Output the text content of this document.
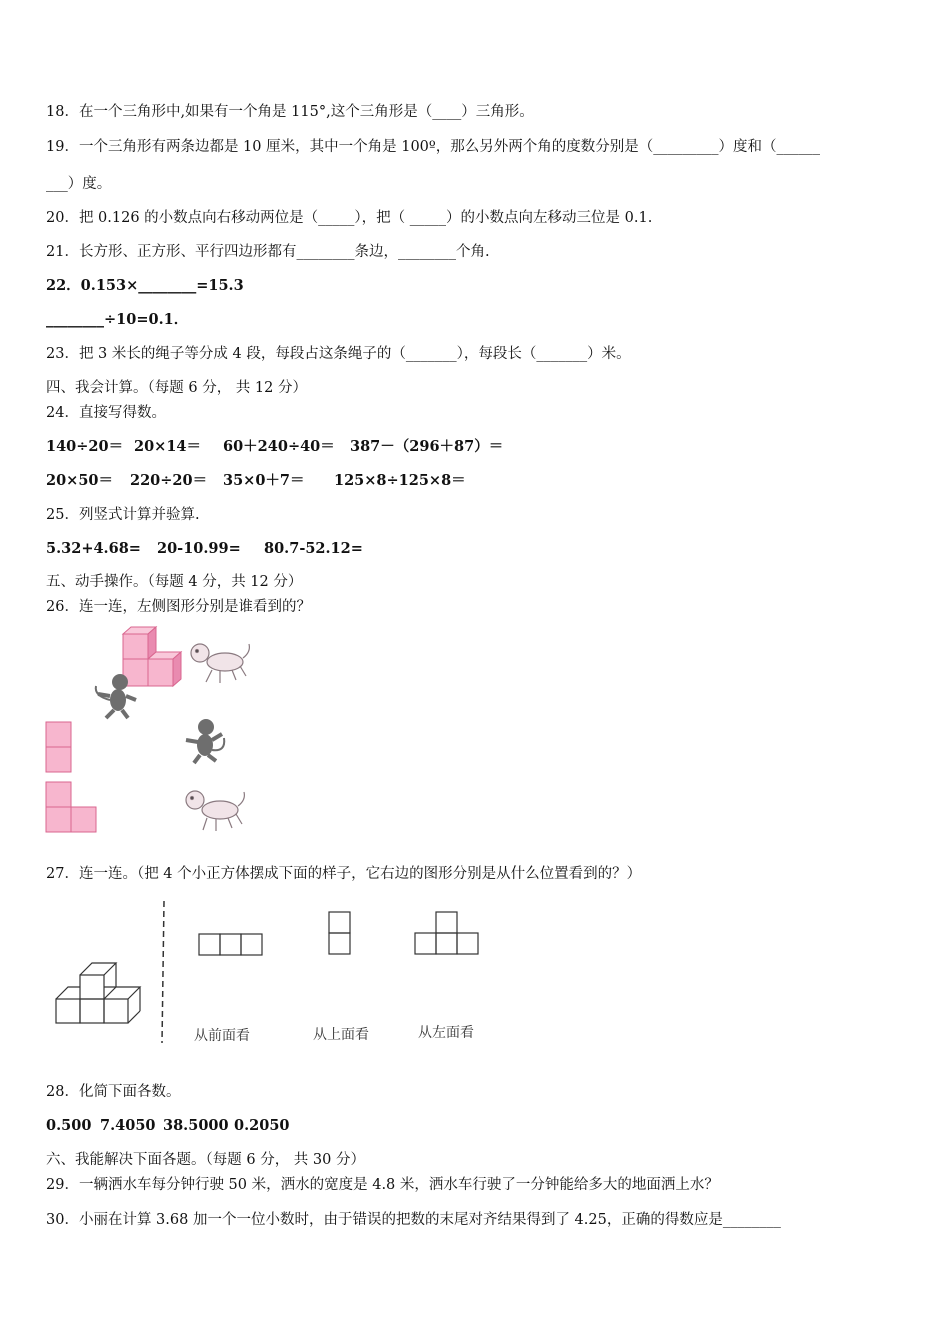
18．在一个三角形中,如果有一个角是 115°,这个三角形是（____）三角形。
19．一个三角形有两条边都是 10 厘米，其中一个角是 100º，那么另外两个角的度数分别是（_________）度和（______
___）度。
20．把 0.126 的小数点向右移动两位是（_____），把（ _____）的小数点向左移动三位是 0.1.
21．长方形、正方形、平行四边形都有________条边，________个角.
22．0.153×________=15.3
________÷10=0.1．
23．把 3 米长的绳子等分成 4 段，每段占这条绳子的（_______），每段长（_______）米。
四、我会计算。（每题 6 分， 共 12 分）
24．直接写得数。
140÷20＝ 20×14＝ 60＋240÷40＝ 387－（296＋87）＝
20×50＝ 220÷20＝ 35×0＋7＝ 125×8÷125×8＝
25．列竖式计算并验算.
5.32+4.68= 20-10.99= 80.7-52.12=
五、动手操作。（每题 4 分，共 12 分）
26．连一连，左侧图形分别是谁看到的？
27．连一连。（把 4 个小正方体摆成下面的样子，它右边的图形分别是从什么位置看到的？）
从前面看	从上面看	从左面看
28．化简下面各数。
0.500 7.4050 38.5000 0.2050
六、我能解决下面各题。（每题 6 分， 共 30 分）
29．一辆洒水车每分钟行驶 50 米，洒水的宽度是 4.8 米，洒水车行驶了一分钟能给多大的地面洒上水？
30．小丽在计算 3.68 加一个一位小数时，由于错误的把数的末尾对齐结果得到了 4.25，正确的得数应是________
